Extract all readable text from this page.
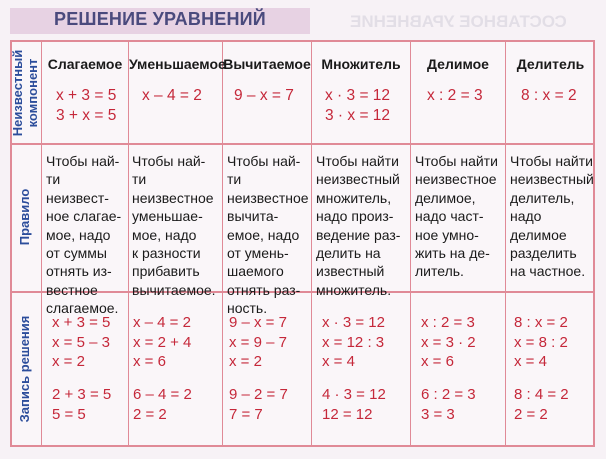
СОСТАВНОЕ УРАВНЕНИЕ
РЕШЕНИЕ УРАВНЕНИЙ
Неизвестный компонент
Правило
Запись решения
Слагаемое Уменьшаемое
Вычитаемое Множитель	Делимое	Делитель
x + 3 = 5
3 + x = 5
x – 4 = 2 9 – x = 7 x · 3 = 12
3 · x = 12
x : 2 = 3 8 : x = 2
Чтобы най-
ти неизвест-
ное слагае-
мое, надо
от суммы
отнять из-
вестное
слагаемое.
Чтобы най-
ти неизвестное
уменьшае-
мое, надо
к разности
прибавить
вычитаемое.
Чтобы най-
ти неизвестное
вычита-
емое, надо
от умень-
шаемого
отнять раз-
ность.
Чтобы найти
неизвестный
множитель,
надо произ-
ведение раз-
делить на
известный
множитель.
Чтобы найти
неизвестное
делимое,
надо част-
ное умно-
жить на де-
литель.
Чтобы найти
неизвестный
делитель,
надо
делимое
разделить
на частное.
x + 3 = 5
x = 5 – 3
x = 2
2 + 3 = 5
5 = 5
x – 4 = 2
x = 2 + 4
x = 6
6 – 4 = 2
2 = 2
9 – x = 7
x = 9 – 7
x = 2
9 – 2 = 7
7 = 7
x · 3 = 12
x = 12 : 3
x = 4
4 · 3 = 12
12 = 12
x : 2 = 3
x = 3 · 2
x = 6
6 : 2 = 3
3 = 3
8 : x = 2
x = 8 : 2
x = 4
8 : 4 = 2
2 = 2
